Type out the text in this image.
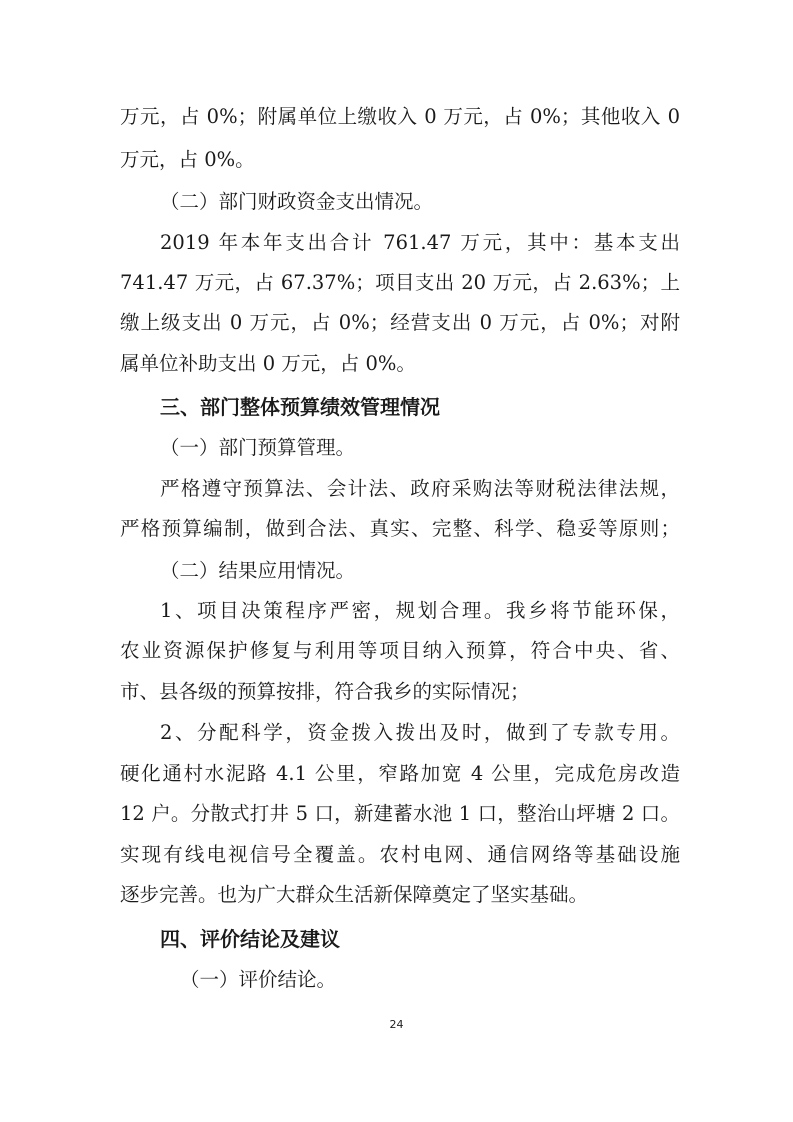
万元，占 0%；附属单位上缴收入 0 万元，占 0%；其他收入 0
万元，占 0%。
（二）部门财政资金支出情况。
2019 年本年支出合计 761.47 万元，其中：基本支出
741.47 万元，占 67.37%；项目支出 20 万元，占 2.63%；上
缴上级支出 0 万元，占 0%；经营支出 0 万元，占 0%；对附
属单位补助支出 0 万元，占 0%。
三、部门整体预算绩效管理情况
（一）部门预算管理。
严格遵守预算法、会计法、政府采购法等财税法律法规，
严格预算编制，做到合法、真实、完整、科学、稳妥等原则；
（二）结果应用情况。
1、项目决策程序严密，规划合理。我乡将节能环保，
农业资源保护修复与利用等项目纳入预算，符合中央、省、
市、县各级的预算按排，符合我乡的实际情况；
2、分配科学，资金拨入拨出及时，做到了专款专用。
硬化通村水泥路 4.1 公里，窄路加宽 4 公里，完成危房改造
12 户。分散式打井 5 口，新建蓄水池 1 口，整治山坪塘 2 口。
实现有线电视信号全覆盖。农村电网、通信网络等基础设施
逐步完善。也为广大群众生活新保障奠定了坚实基础。
四、评价结论及建议
（一）评价结论。
24
